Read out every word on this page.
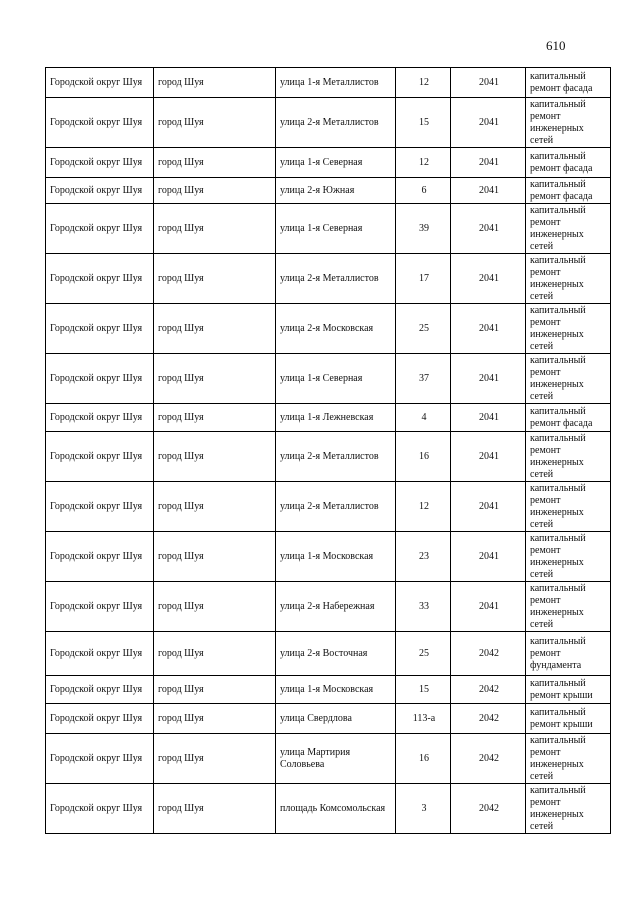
610
Городской округ Шуя	город Шуя	улица 1-я Металлистов	12	2041	капитальный ремонт фасада
Городской округ Шуя	город Шуя	улица 2-я Металлистов	15	2041	капитальный ремонт инженерных сетей
Городской округ Шуя	город Шуя	улица 1-я Северная	12	2041	капитальный ремонт фасада
Городской округ Шуя	город Шуя	улица 2-я Южная	6	2041	капитальный ремонт фасада
Городской округ Шуя	город Шуя	улица 1-я Северная	39	2041	капитальный ремонт инженерных сетей
Городской округ Шуя	город Шуя	улица 2-я Металлистов	17	2041	капитальный ремонт инженерных сетей
Городской округ Шуя	город Шуя	улица 2-я Московская	25	2041	капитальный ремонт инженерных сетей
Городской округ Шуя	город Шуя	улица 1-я Северная	37	2041	капитальный ремонт инженерных сетей
Городской округ Шуя	город Шуя	улица 1-я Лежневская	4	2041	капитальный ремонт фасада
Городской округ Шуя	город Шуя	улица 2-я Металлистов	16	2041	капитальный ремонт инженерных сетей
Городской округ Шуя	город Шуя	улица 2-я Металлистов	12	2041	капитальный ремонт инженерных сетей
Городской округ Шуя	город Шуя	улица 1-я Московская	23	2041	капитальный ремонт инженерных сетей
Городской округ Шуя	город Шуя	улица 2-я Набережная	33	2041	капитальный ремонт инженерных сетей
Городской округ Шуя	город Шуя	улица 2-я Восточная	25	2042	капитальный ремонт фундамента
Городской округ Шуя	город Шуя	улица 1-я Московская	15	2042	капитальный ремонт крыши
Городской округ Шуя	город Шуя	улица Свердлова	113-а	2042	капитальный ремонт крыши
Городской округ Шуя	город Шуя	улица Мартирия Соловьева	16	2042	капитальный ремонт инженерных сетей
Городской округ Шуя	город Шуя	площадь Комсомольская	3	2042	капитальный ремонт инженерных сетей
